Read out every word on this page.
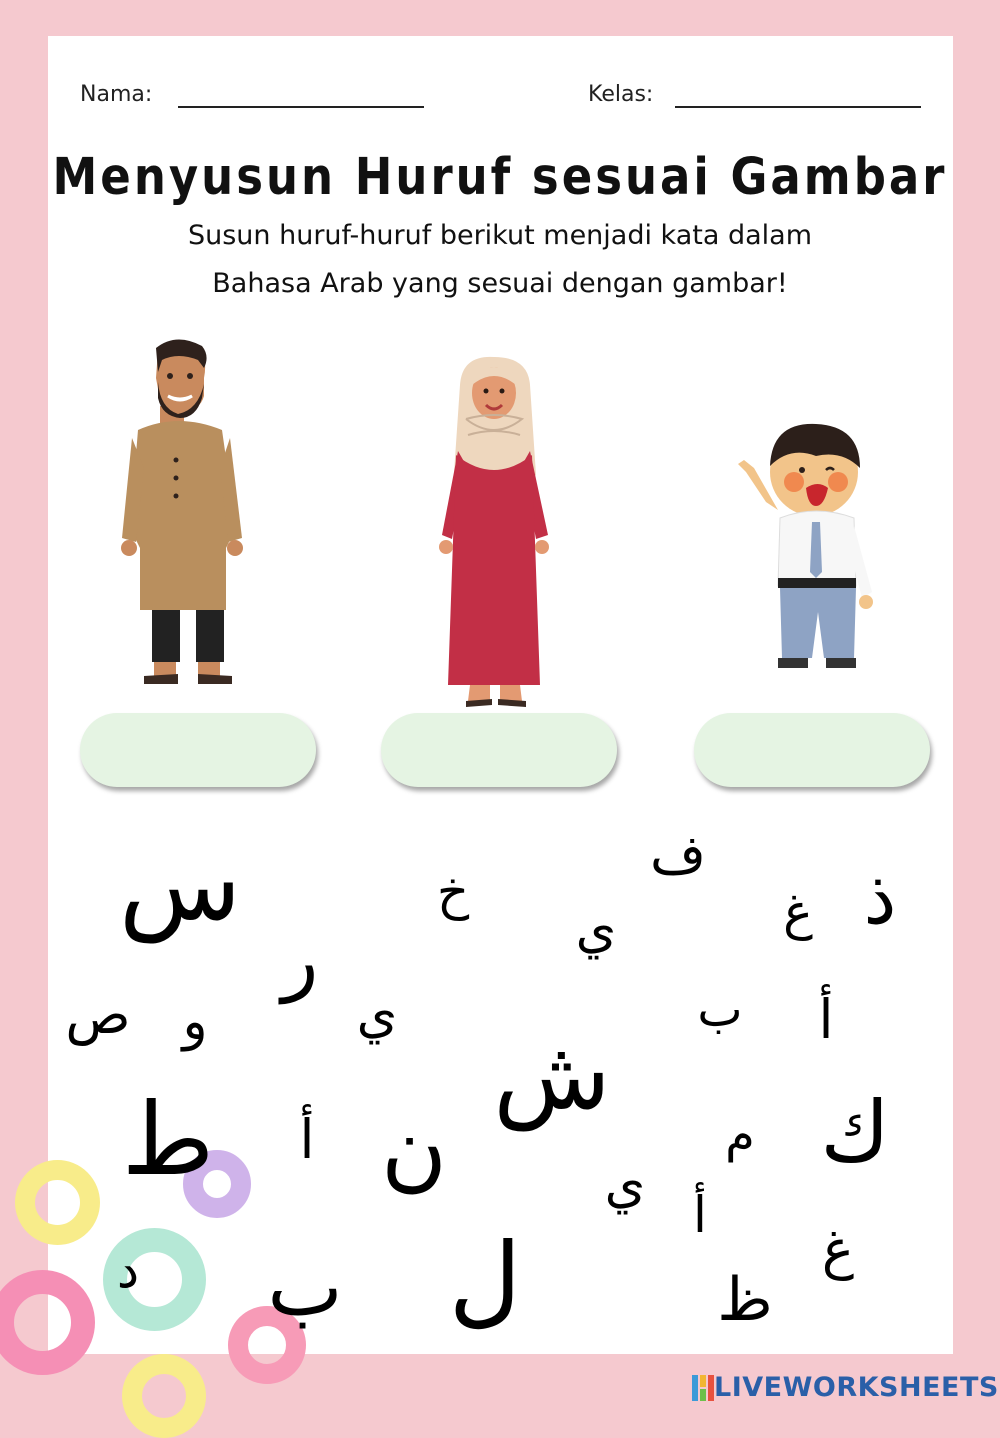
Nama:	Kelas:
Menyusun Huruf sesuai Gambar
Susun huruf-huruf berikut menjadi kata dalam
Bahasa Arab yang sesuai dengan gambar!
س	خ
ف
ذ
غ
ي
ر
ص و	ي	ب أ
ش
ط أ ن	م ك
ي أ
غ
د ب ل	ظ
LIVEWORKSHEETS
